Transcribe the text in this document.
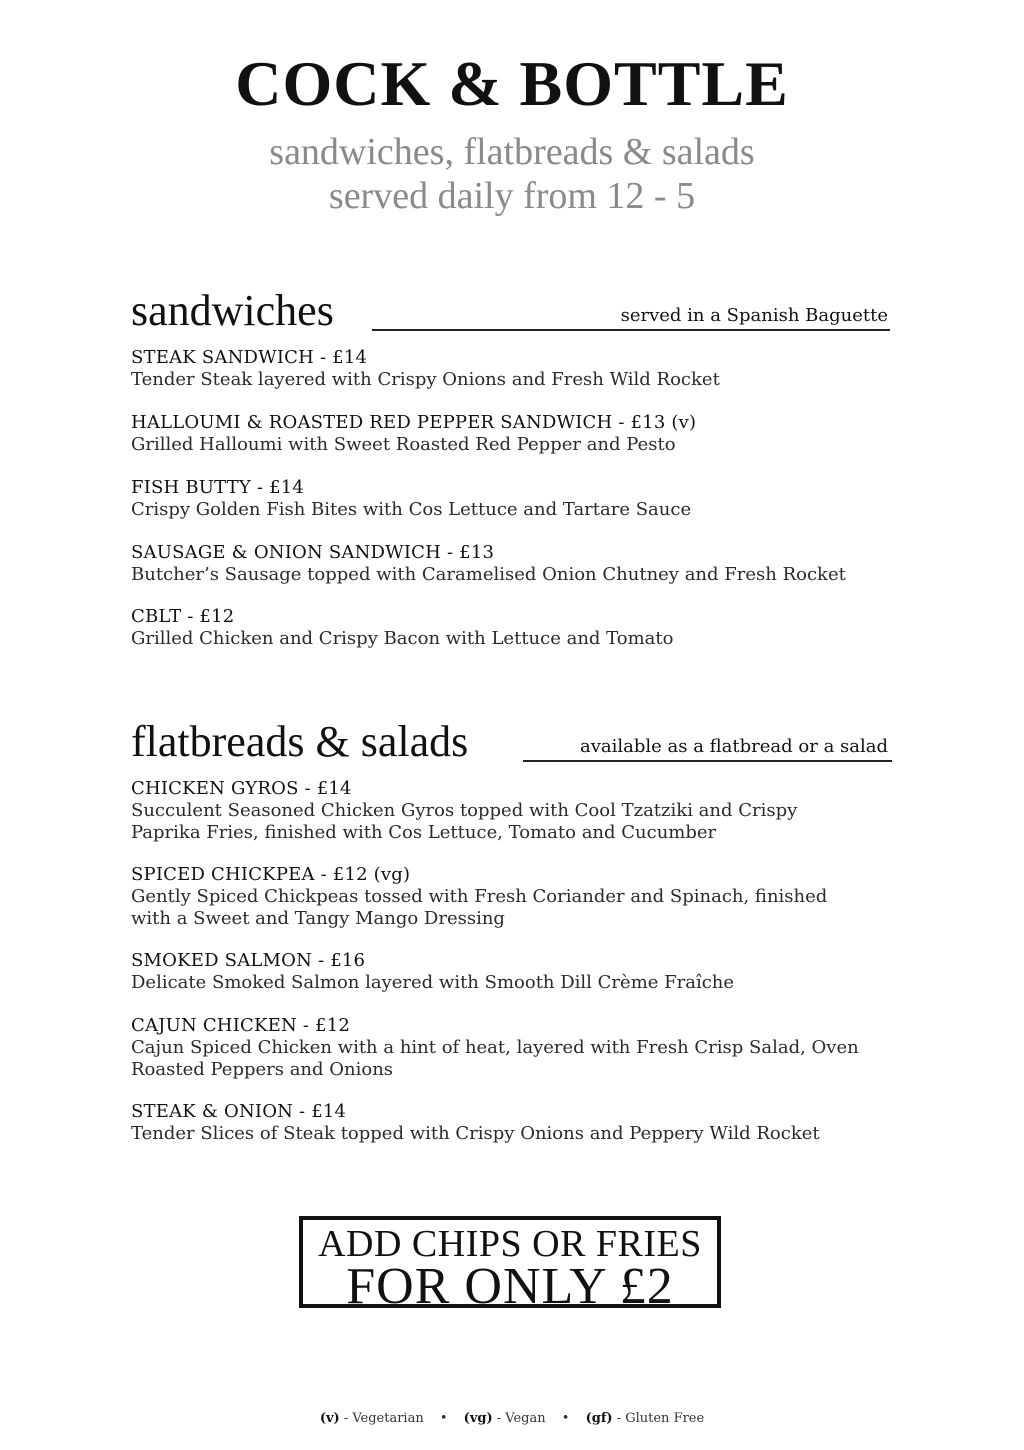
COCK & BOTTLE
sandwiches, flatbreads & salads
served daily from 12 - 5
sandwiches	served in a Spanish Baguette
STEAK SANDWICH - £14
Tender Steak layered with Crispy Onions and Fresh Wild Rocket
HALLOUMI & ROASTED RED PEPPER SANDWICH - £13 (v)
Grilled Halloumi with Sweet Roasted Red Pepper and Pesto
FISH BUTTY - £14
Crispy Golden Fish Bites with Cos Lettuce and Tartare Sauce
SAUSAGE & ONION SANDWICH - £13
Butcher’s Sausage topped with Caramelised Onion Chutney and Fresh Rocket
CBLT - £12
Grilled Chicken and Crispy Bacon with Lettuce and Tomato
flatbreads & salads	available as a flatbread or a salad
CHICKEN GYROS - £14
Succulent Seasoned Chicken Gyros topped with Cool Tzatziki and Crispy
Paprika Fries, finished with Cos Lettuce, Tomato and Cucumber
SPICED CHICKPEA - £12 (vg)
Gently Spiced Chickpeas tossed with Fresh Coriander and Spinach, finished
with a Sweet and Tangy Mango Dressing
SMOKED SALMON - £16
Delicate Smoked Salmon layered with Smooth Dill Crème Fraîche
CAJUN CHICKEN - £12
Cajun Spiced Chicken with a hint of heat, layered with Fresh Crisp Salad, Oven
Roasted Peppers and Onions
STEAK & ONION - £14
Tender Slices of Steak topped with Crispy Onions and Peppery Wild Rocket
ADD CHIPS OR FRIES
FOR ONLY £2
(v) - Vegetarian • (vg) - Vegan • (gf) - Gluten Free
